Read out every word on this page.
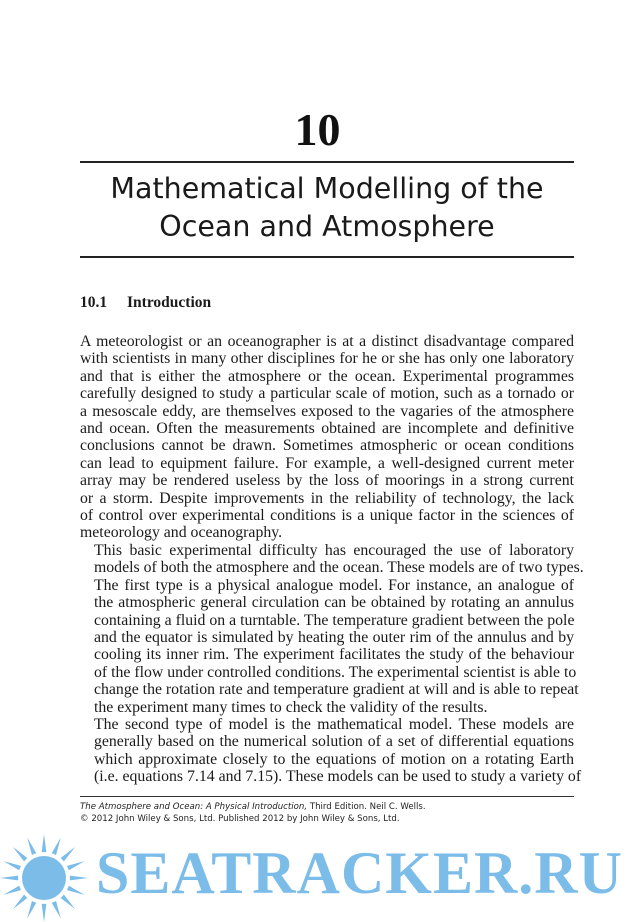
10
Mathematical Modelling of the
Ocean and Atmosphere
10.1 Introduction

A meteorologist or an oceanographer is at a distinct disadvantage compared
with scientists in many other disciplines for he or she has only one laboratory
and that is either the atmosphere or the ocean. Experimental programmes
carefully designed to study a particular scale of motion, such as a tornado or
a mesoscale eddy, are themselves exposed to the vagaries of the atmosphere
and ocean. Often the measurements obtained are incomplete and definitive
conclusions cannot be drawn. Sometimes atmospheric or ocean conditions
can lead to equipment failure. For example, a well-designed current meter
array may be rendered useless by the loss of moorings in a strong current
or a storm. Despite improvements in the reliability of technology, the lack
of control over experimental conditions is a unique factor in the sciences of
meteorology and oceanography.

This basic experimental difficulty has encouraged the use of laboratory
models of both the atmosphere and the ocean. These models are of two types.
The first type is a physical analogue model. For instance, an analogue of
the atmospheric general circulation can be obtained by rotating an annulus
containing a fluid on a turntable. The temperature gradient between the pole
and the equator is simulated by heating the outer rim of the annulus and by
cooling its inner rim. The experiment facilitates the study of the behaviour
of the flow under controlled conditions. The experimental scientist is able to
change the rotation rate and temperature gradient at will and is able to repeat
the experiment many times to check the validity of the results.

The second type of model is the mathematical model. These models are
generally based on the numerical solution of a set of differential equations
which approximate closely to the equations of motion on a rotating Earth
(i.e. equations 7.14 and 7.15). These models can be used to study a variety of

The Atmosphere and Ocean: A Physical Introduction, Third Edition. Neil C. Wells.
© 2012 John Wiley & Sons, Ltd. Published 2012 by John Wiley & Sons, Ltd.
SEATRACKER.RU
